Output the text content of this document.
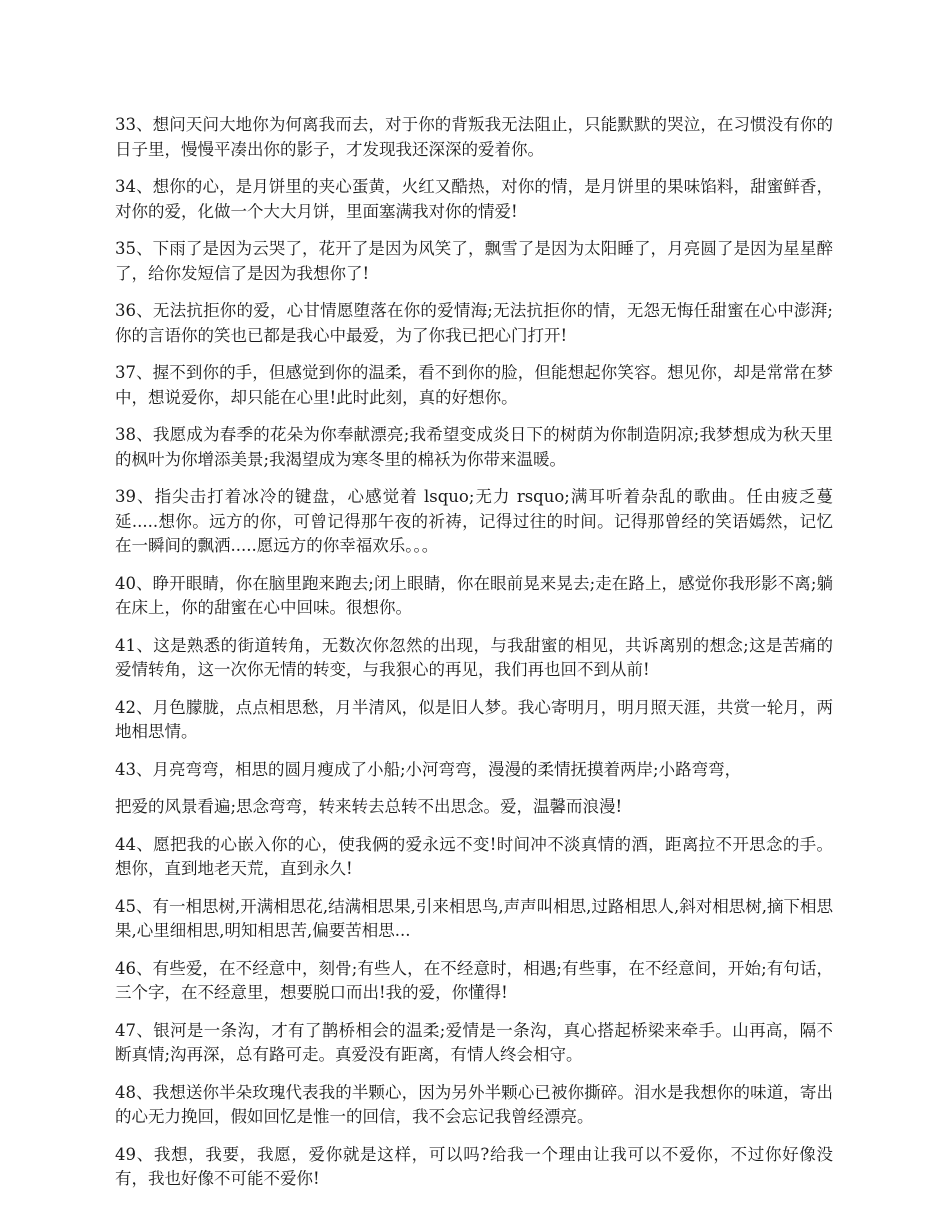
33、想问天问大地你为何离我而去，对于你的背叛我无法阻止，只能默默的哭泣，在习惯没有你的日子里，慢慢平凑出你的影子，才发现我还深深的爱着你。

34、想你的心，是月饼里的夹心蛋黄，火红又酷热，对你的情，是月饼里的果味馅料，甜蜜鲜香，对你的爱，化做一个大大月饼，里面塞满我对你的情爱!

35、下雨了是因为云哭了，花开了是因为风笑了，飘雪了是因为太阳睡了，月亮圆了是因为星星醉了，给你发短信了是因为我想你了!

36、无法抗拒你的爱，心甘情愿堕落在你的爱情海;无法抗拒你的情，无怨无悔任甜蜜在心中澎湃;你的言语你的笑也已都是我心中最爱，为了你我已把心门打开!

37、握不到你的手，但感觉到你的温柔，看不到你的脸，但能想起你笑容。想见你，却是常常在梦中，想说爱你，却只能在心里!此时此刻，真的好想你。

38、我愿成为春季的花朵为你奉献漂亮;我希望变成炎日下的树荫为你制造阴凉;我梦想成为秋天里的枫叶为你增添美景;我渴望成为寒冬里的棉袄为你带来温暖。

39、指尖击打着冰冷的键盘，心感觉着 lsquo;无力 rsquo;满耳听着杂乱的歌曲。任由疲乏蔓延.....想你。远方的你，可曾记得那午夜的祈祷，记得过往的时间。记得那曾经的笑语嫣然，记忆在一瞬间的飘洒.....愿远方的你幸福欢乐。。。

40、睁开眼睛，你在脑里跑来跑去;闭上眼睛，你在眼前晃来晃去;走在路上，感觉你我形影不离;躺在床上，你的甜蜜在心中回味。很想你。

41、这是熟悉的街道转角，无数次你忽然的出现，与我甜蜜的相见，共诉离别的想念;这是苦痛的爱情转角，这一次你无情的转变，与我狠心的再见，我们再也回不到从前!

42、月色朦胧，点点相思愁，月半清风，似是旧人梦。我心寄明月，明月照天涯，共赏一轮月，两地相思情。

43、月亮弯弯，相思的圆月瘦成了小船;小河弯弯，漫漫的柔情抚摸着两岸;小路弯弯，

把爱的风景看遍;思念弯弯，转来转去总转不出思念。爱，温馨而浪漫!

44、愿把我的心嵌入你的心，使我俩的爱永远不变!时间冲不淡真情的酒，距离拉不开思念的手。想你，直到地老天荒，直到永久!

45、有一相思树,开满相思花,结满相思果,引来相思鸟,声声叫相思,过路相思人,斜对相思树,摘下相思果,心里细相思,明知相思苦,偏要苦相思...

46、有些爱，在不经意中，刻骨;有些人，在不经意时，相遇;有些事，在不经意间，开始;有句话，三个字，在不经意里，想要脱口而出!我的爱，你懂得!

47、银河是一条沟，才有了鹊桥相会的温柔;爱情是一条沟，真心搭起桥梁来牵手。山再高，隔不断真情;沟再深，总有路可走。真爱没有距离，有情人终会相守。

48、我想送你半朵玫瑰代表我的半颗心，因为另外半颗心已被你撕碎。泪水是我想你的味道，寄出的心无力挽回，假如回忆是惟一的回信，我不会忘记我曾经漂亮。

49、我想，我要，我愿，爱你就是这样，可以吗?给我一个理由让我可以不爱你，不过你好像没有，我也好像不可能不爱你!
